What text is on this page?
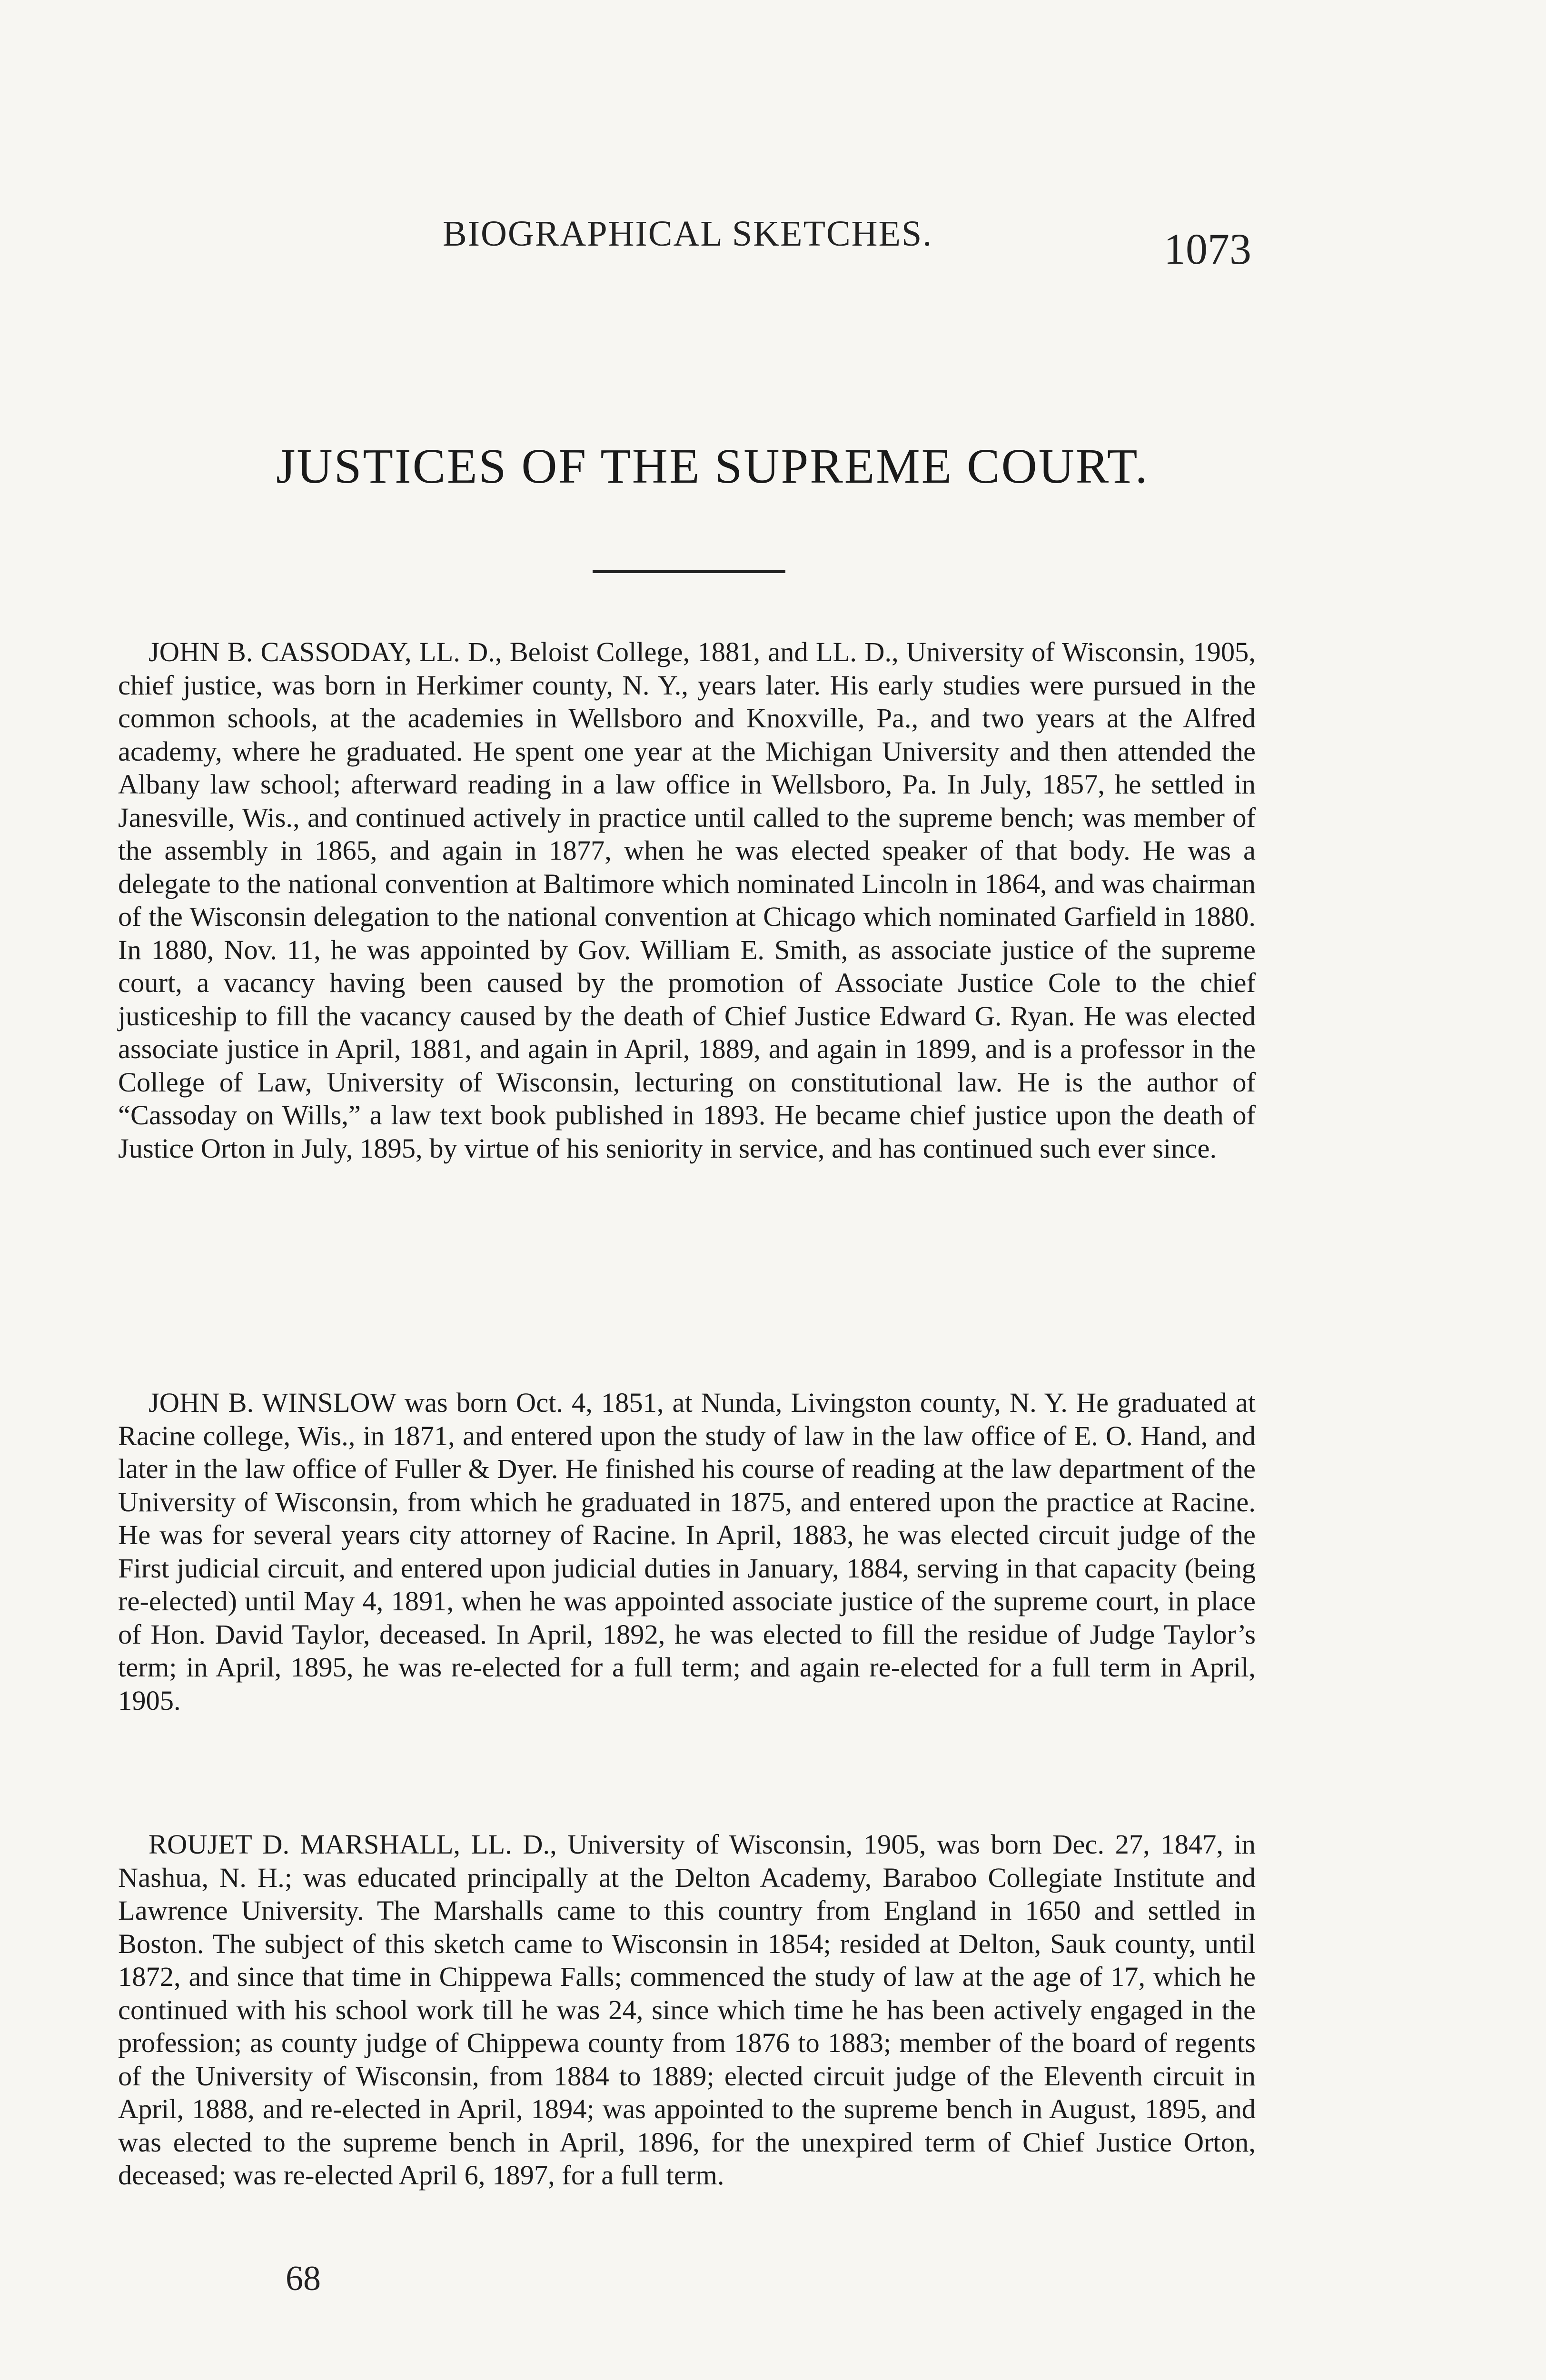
BIOGRAPHICAL SKETCHES.	1073
JUSTICES OF THE SUPREME COURT.

JOHN B. CASSODAY, LL. D., Beloist College, 1881, and LL. D., University of Wisconsin, 1905, chief justice, was born in Herkimer county, N. Y., years later. His early studies were pursued in the common schools, at the academies in Wellsboro and Knoxville, Pa., and two years at the Alfred academy, where he graduated. He spent one year at the Michigan University and then attended the Albany law school; afterward reading in a law office in Wellsboro, Pa. In July, 1857, he settled in Janesville, Wis., and continued actively in practice until called to the supreme bench; was member of the assembly in 1865, and again in 1877, when he was elected speaker of that body. He was a delegate to the national convention at Baltimore which nominated Lincoln in 1864, and was chairman of the Wisconsin delegation to the national convention at Chicago which nominated Garfield in 1880. In 1880, Nov. 11, he was appointed by Gov. William E. Smith, as associate justice of the supreme court, a vacancy having been caused by the promotion of Associate Justice Cole to the chief justiceship to fill the vacancy caused by the death of Chief Justice Edward G. Ryan. He was elected associate justice in April, 1881, and again in April, 1889, and again in 1899, and is a professor in the College of Law, University of Wisconsin, lecturing on constitutional law. He is the author of “Cassoday on Wills,” a law text book published in 1893. He became chief justice upon the death of Justice Orton in July, 1895, by virtue of his seniority in service, and has continued such ever since.

JOHN B. WINSLOW was born Oct. 4, 1851, at Nunda, Livingston county, N. Y. He graduated at Racine college, Wis., in 1871, and entered upon the study of law in the law office of E. O. Hand, and later in the law office of Fuller & Dyer. He finished his course of reading at the law department of the University of Wisconsin, from which he graduated in 1875, and entered upon the practice at Racine. He was for several years city attorney of Racine. In April, 1883, he was elected circuit judge of the First judicial circuit, and entered upon judicial duties in January, 1884, serving in that capacity (being re-elected) until May 4, 1891, when he was appointed associate justice of the supreme court, in place of Hon. David Taylor, deceased. In April, 1892, he was elected to fill the residue of Judge Taylor’s term; in April, 1895, he was re-elected for a full term; and again re-elected for a full term in April, 1905.

ROUJET D. MARSHALL, LL. D., University of Wisconsin, 1905, was born Dec. 27, 1847, in Nashua, N. H.; was educated principally at the Delton Academy, Baraboo Collegiate Institute and Lawrence University. The Marshalls came to this country from England in 1650 and settled in Boston. The subject of this sketch came to Wisconsin in 1854; resided at Delton, Sauk county, until 1872, and since that time in Chippewa Falls; commenced the study of law at the age of 17, which he continued with his school work till he was 24, since which time he has been actively engaged in the profession; as county judge of Chippewa county from 1876 to 1883; member of the board of regents of the University of Wisconsin, from 1884 to 1889; elected circuit judge of the Eleventh circuit in April, 1888, and re-elected in April, 1894; was appointed to the supreme bench in August, 1895, and was elected to the supreme bench in April, 1896, for the unexpired term of Chief Justice Orton, deceased; was re-elected April 6, 1897, for a full term.

68
